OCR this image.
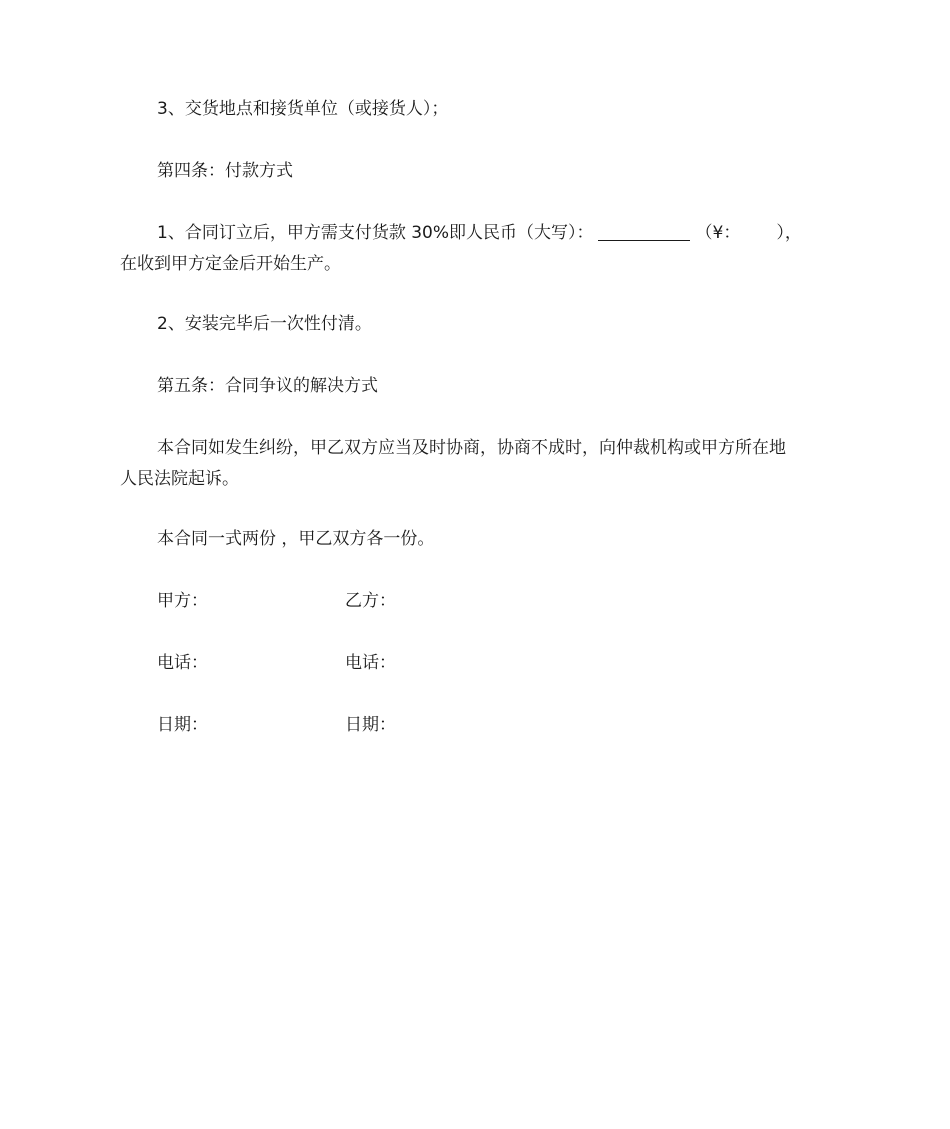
3、交货地点和接货单位（或接货人）；

第四条：付款方式

1、合同订立后，甲方需支付货款 30%即人民币（大写）：	（¥： ），
在收到甲方定金后开始生产。

2、安装完毕后一次性付清。

第五条：合同争议的解决方式

本合同如发生纠纷，甲乙双方应当及时协商，协商不成时，向仲裁机构或甲方所在地
人民法院起诉。

本合同一式两份 ，甲乙双方各一份。

甲方：	乙方：
电话：	电话：
日期：	日期：
